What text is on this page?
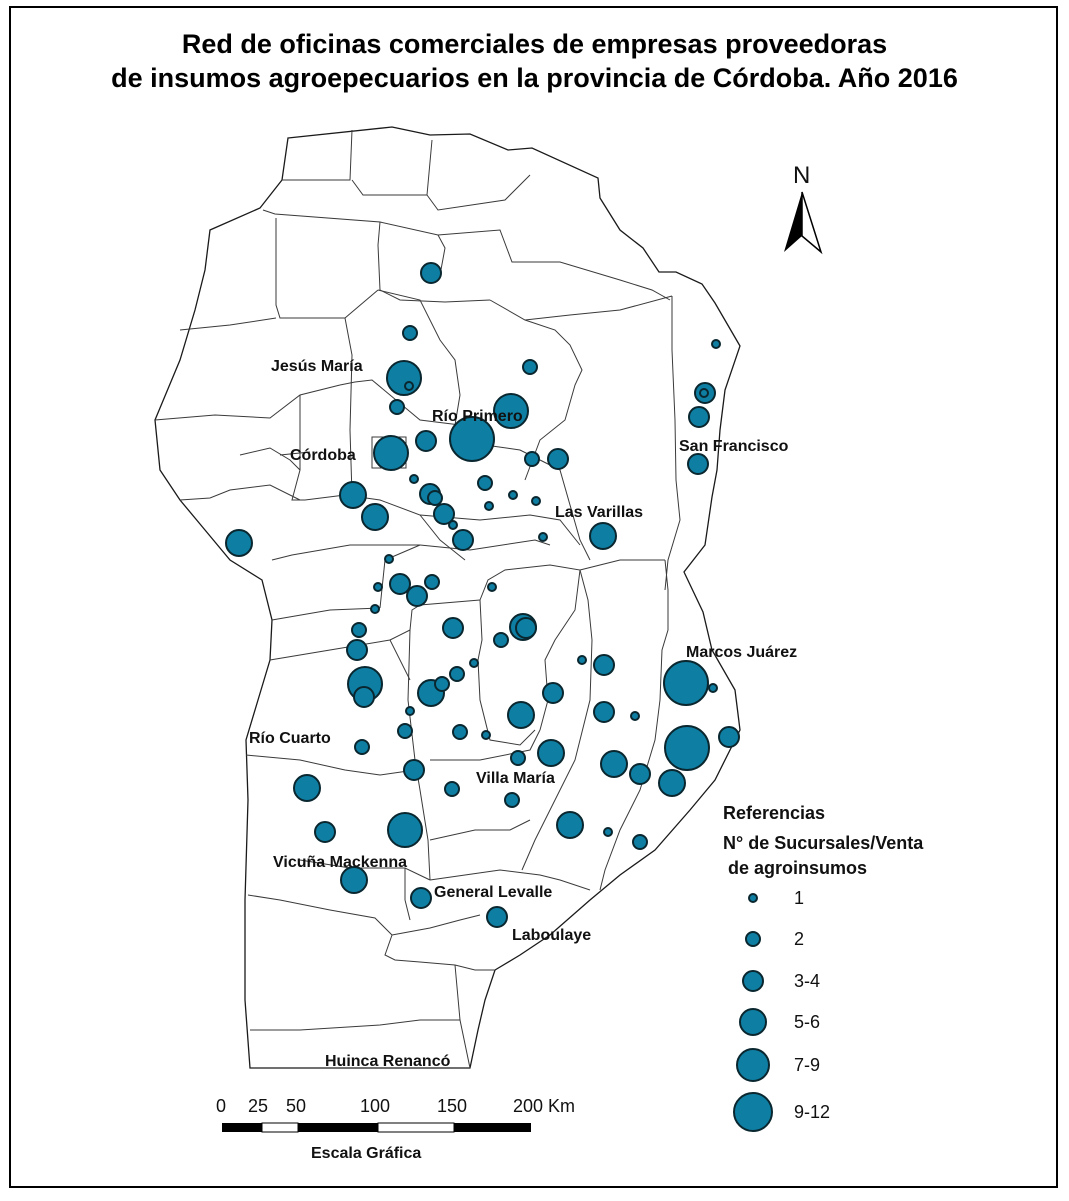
Red de oficinas comerciales de empresas proveedoras
de insumos agroepecuarios en la provincia de Córdoba. Año 2016
Jesús María
Río Primero
Córdoba
San Francisco
Las Varillas
Marcos Juárez
Río Cuarto
Villa María
Vicuña Mackenna
General Levalle
Laboulaye
Huinca Renancó
N
Referencias
N° de Sucursales/Venta
de agroinsumos
1
2
3-4
5-6
7-9
9-12
0 25 50	100	150	200 Km
Escala Gráfica
